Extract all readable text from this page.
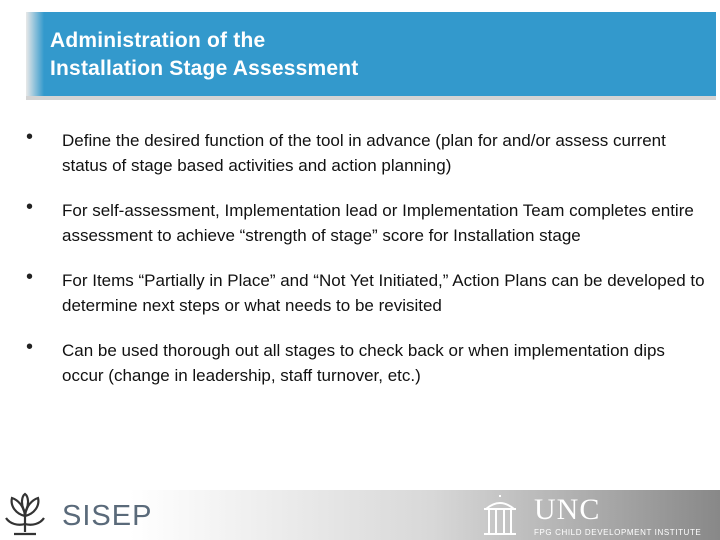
Administration of the
Installation Stage Assessment
• Define the desired function of the tool in advance (plan for and/or assess current status of stage based activities and action planning)
• For self-assessment, Implementation lead or Implementation Team completes entire assessment to achieve “strength of stage” score for Installation stage
• For Items “Partially in Place” and “Not Yet Initiated,” Action Plans can be developed to determine next steps or what needs to be revisited
• Can be used thorough out all stages to check back or when implementation dips occur (change in leadership, staff turnover, etc.)
SISEP	UNC
FPG CHILD DEVELOPMENT INSTITUTE
